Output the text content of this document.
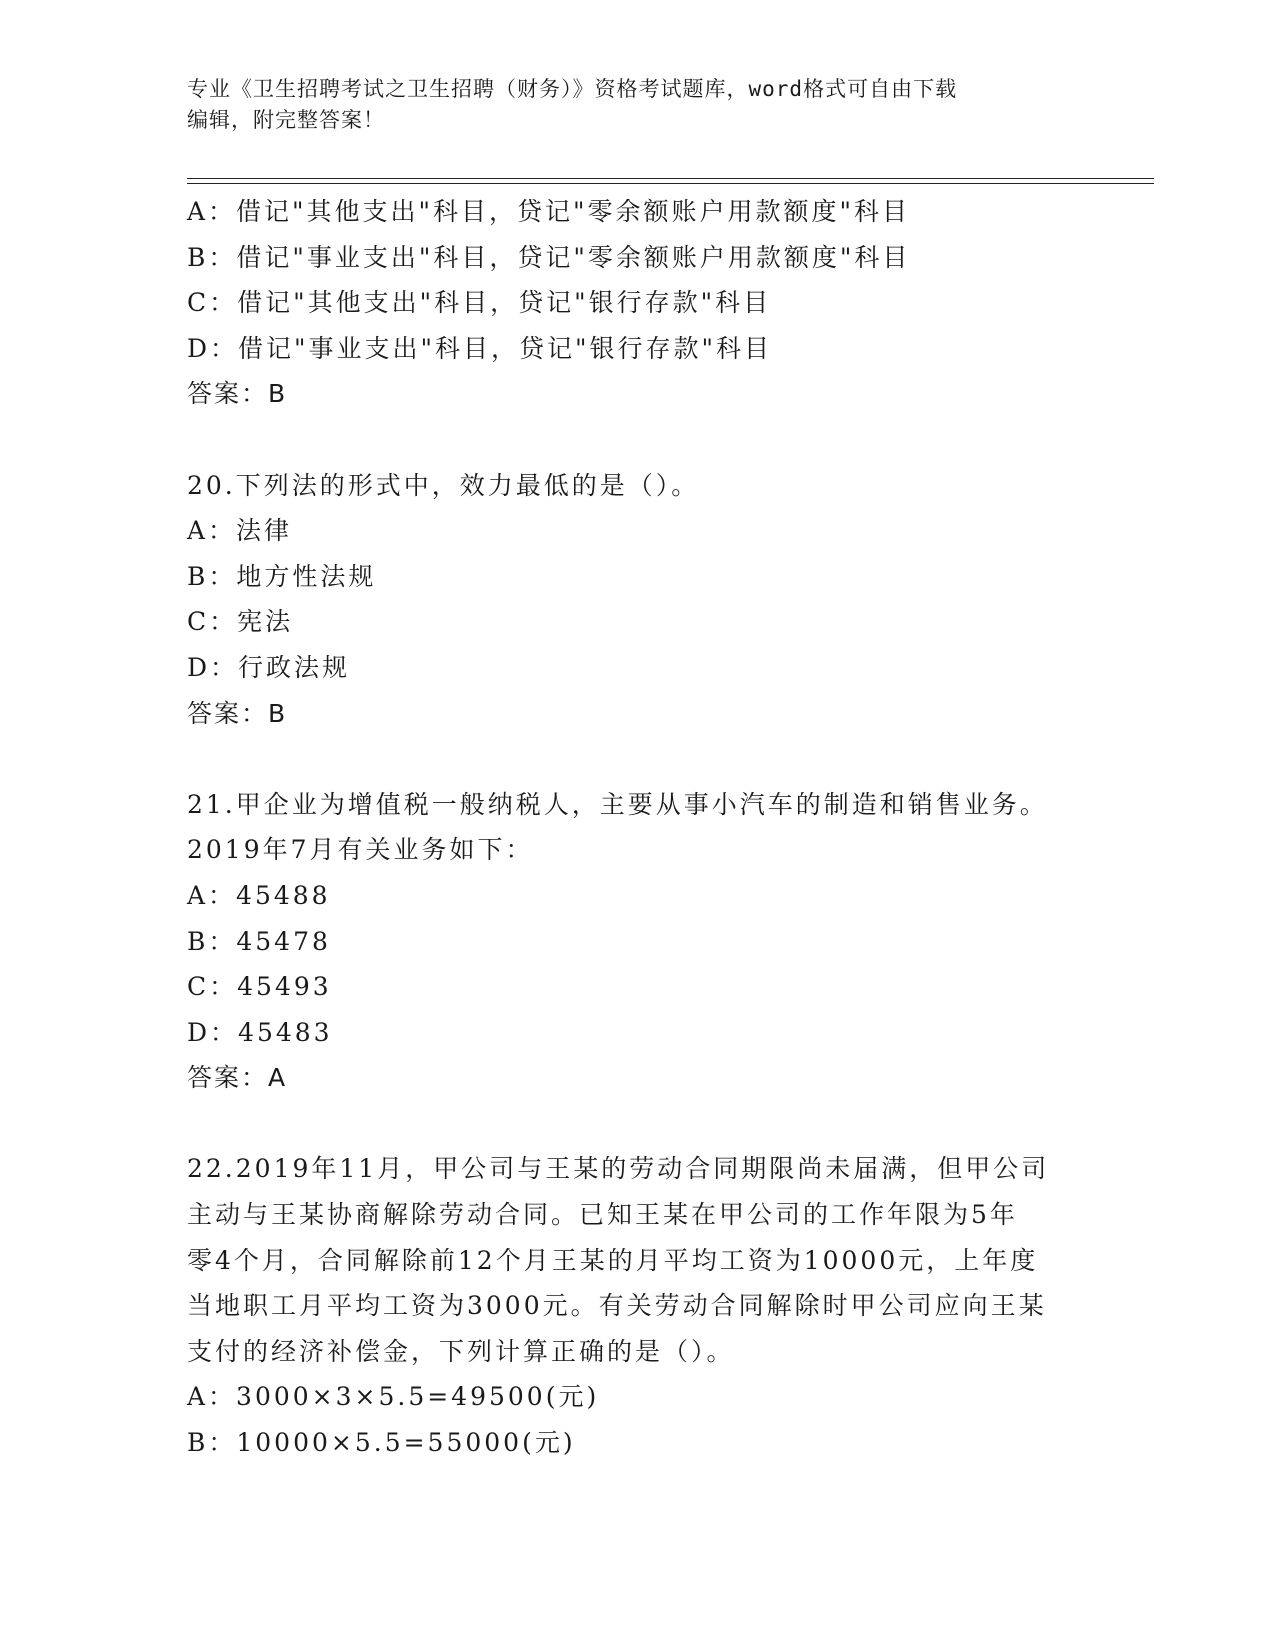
专业《卫生招聘考试之卫生招聘（财务）》资格考试题库，word格式可自由下载
编辑，附完整答案！
A：借记"其他支出"科目，贷记"零余额账户用款额度"科目
B：借记"事业支出"科目，贷记"零余额账户用款额度"科目
C：借记"其他支出"科目，贷记"银行存款"科目
D：借记"事业支出"科目，贷记"银行存款"科目
答案：B
20.下列法的形式中，效力最低的是（）。
A：法律
B：地方性法规
C：宪法
D：行政法规
答案：B
21.甲企业为增值税一般纳税人，主要从事小汽车的制造和销售业务。
2019年7月有关业务如下：
A：45488
B：45478
C：45493
D：45483
答案：A
22.2019年11月，甲公司与王某的劳动合同期限尚未届满，但甲公司
主动与王某协商解除劳动合同。已知王某在甲公司的工作年限为5年
零4个月，合同解除前12个月王某的月平均工资为10000元，上年度
当地职工月平均工资为3000元。有关劳动合同解除时甲公司应向王某
支付的经济补偿金，下列计算正确的是（）。
A：3000×3×5.5=49500(元)
B：10000×5.5=55000(元)
